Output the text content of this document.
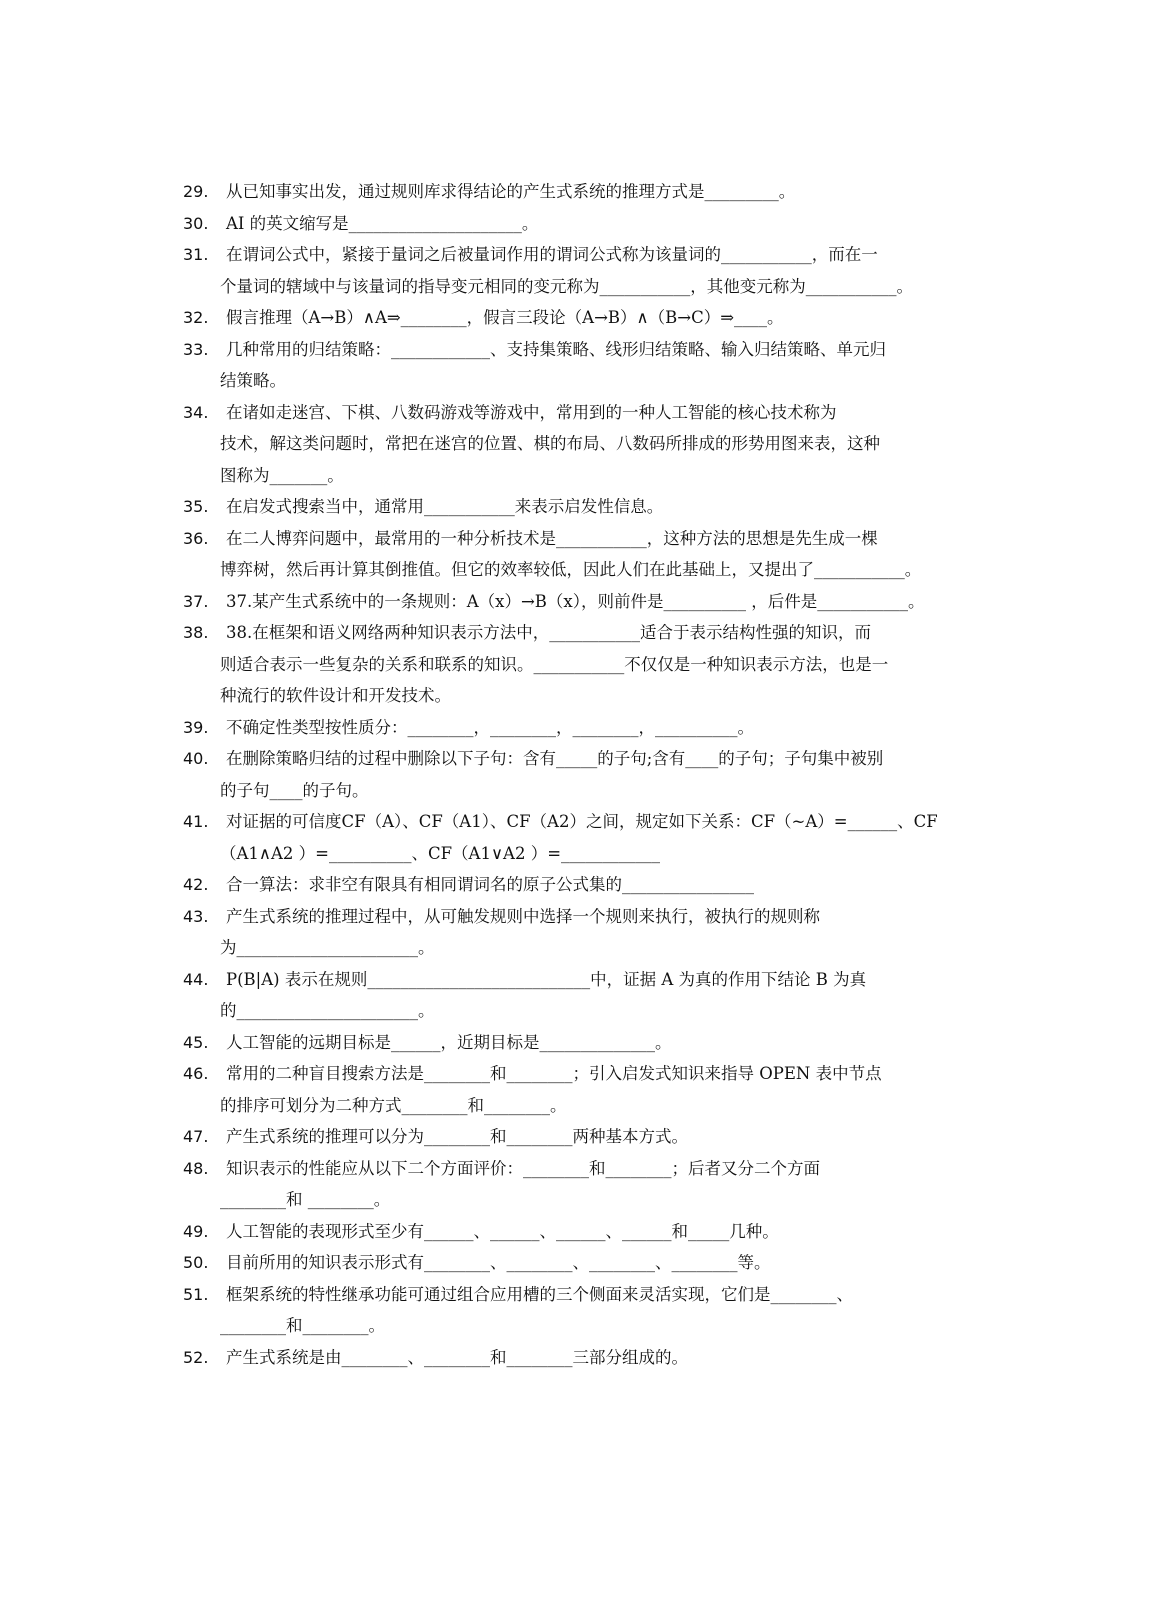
29. 从已知事实出发，通过规则库求得结论的产生式系统的推理方式是_________。
30. AI 的英文缩写是_____________________。
31. 在谓词公式中，紧接于量词之后被量词作用的谓词公式称为该量词的___________，而在一
个量词的辖域中与该量词的指导变元相同的变元称为___________，其他变元称为___________。
32. 假言推理（A→B）∧A⇒________，假言三段论（A→B）∧（B→C）⇒____。
33. 几种常用的归结策略：____________、支持集策略、线形归结策略、输入归结策略、单元归
结策略。
34. 在诸如走迷宫、下棋、八数码游戏等游戏中，常用到的一种人工智能的核心技术称为
技术，解这类问题时，常把在迷宫的位置、棋的布局、八数码所排成的形势用图来表，这种
图称为_______。
35. 在启发式搜索当中，通常用___________来表示启发性信息。
36. 在二人博弈问题中，最常用的一种分析技术是___________，这种方法的思想是先生成一棵
博弈树，然后再计算其倒推值。但它的效率较低，因此人们在此基础上，又提出了___________。
37. 37.某产生式系统中的一条规则：A（x）→B（x），则前件是__________ ，后件是___________。
38. 38.在框架和语义网络两种知识表示方法中，___________适合于表示结构性强的知识，而
则适合表示一些复杂的关系和联系的知识。___________不仅仅是一种知识表示方法，也是一
种流行的软件设计和开发技术。
39. 不确定性类型按性质分：________，________，________，__________。
40. 在删除策略归结的过程中删除以下子句：含有_____的子句;含有____的子句；子句集中被别
的子句____的子句。
41. 对证据的可信度CF（A）、CF（A1）、CF（A2）之间，规定如下关系：CF（~A）=______、CF
（A1∧A2 ）=__________、CF（A1∨A2 ）=____________
42. 合一算法：求非空有限具有相同谓词名的原子公式集的________________
43. 产生式系统的推理过程中，从可触发规则中选择一个规则来执行，被执行的规则称
为______________________。
44. P(B|A) 表示在规则___________________________中，证据 A 为真的作用下结论 B 为真
的______________________。
45. 人工智能的远期目标是______，近期目标是______________。
46. 常用的二种盲目搜索方法是________和________；引入启发式知识来指导 OPEN 表中节点
的排序可划分为二种方式________和________。
47. 产生式系统的推理可以分为________和________两种基本方式。
48. 知识表示的性能应从以下二个方面评价：________和________；后者又分二个方面
________和 ________。
49. 人工智能的表现形式至少有______、______、______、______和_____几种。
50. 目前所用的知识表示形式有________、________、________、________等。
51. 框架系统的特性继承功能可通过组合应用槽的三个侧面来灵活实现，它们是________、
________和________。
52. 产生式系统是由________、________和________三部分组成的。
